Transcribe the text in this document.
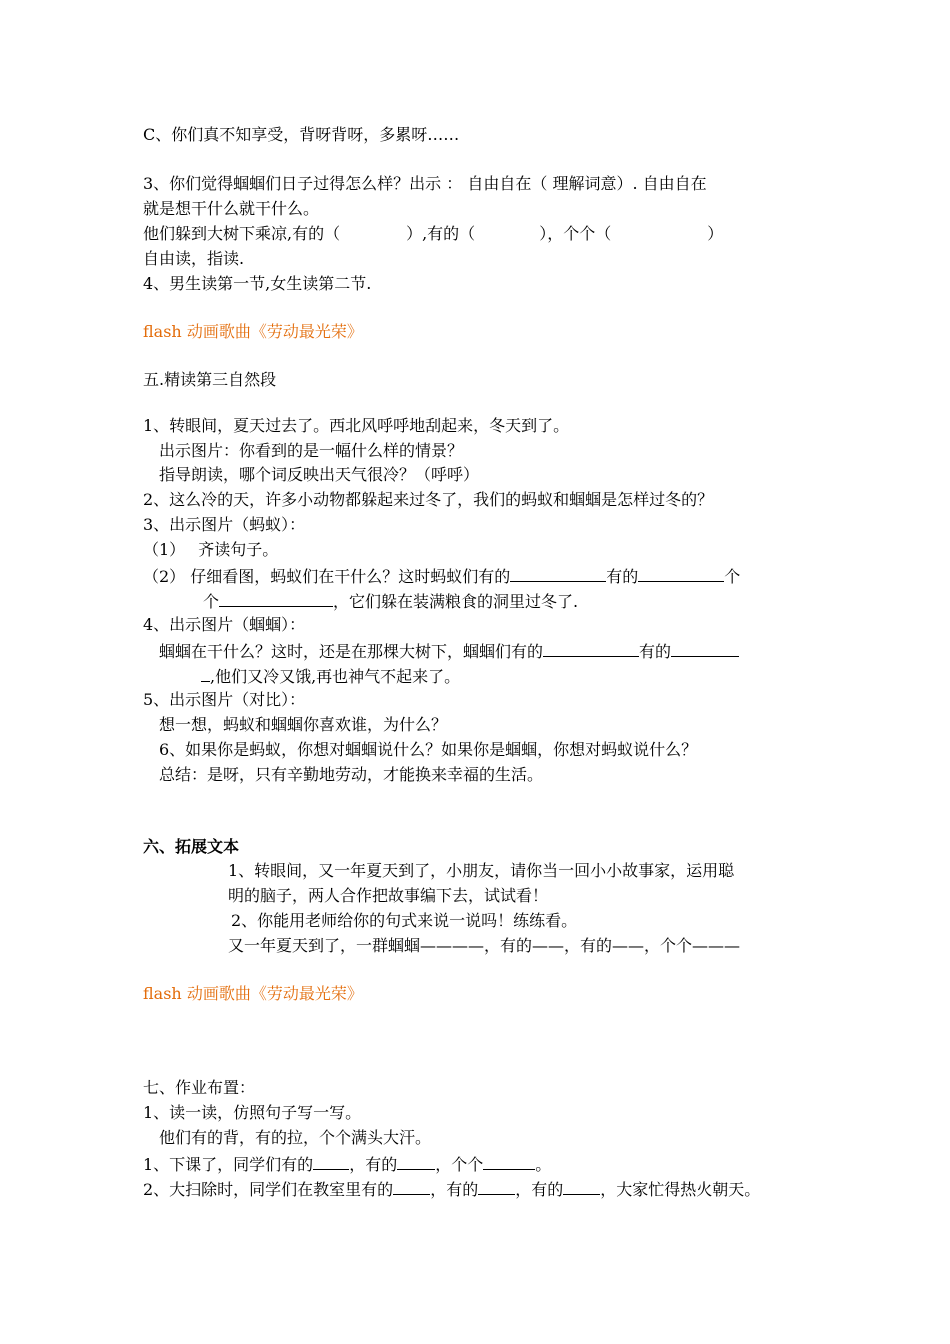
C、你们真不知享受，背呀背呀，多累呀……
3、你们觉得蝈蝈们日子过得怎么样？出示 ： 自由自在（ 理解词意）. 自由自在
就是想干什么就干什么。
他们躲到大树下乘凉,有的（	）,有的（	），个个（	）
自由读，指读.
4、男生读第一节,女生读第二节.
flash 动画歌曲《劳动最光荣》
五.精读第三自然段
1、转眼间，夏天过去了。西北风呼呼地刮起来，冬天到了。
出示图片：你看到的是一幅什么样的情景？
指导朗读，哪个词反映出天气很冷？（呼呼）
2、这么冷的天，许多小动物都躲起来过冬了，我们的蚂蚁和蝈蝈是怎样过冬的？
3、出示图片（蚂蚁）：
（1）　 齐读句子。
（2） 仔细看图，蚂蚁们在干什么？这时蚂蚁们有的	有的	个
个	，它们躲在装满粮食的洞里过冬了.
4、出示图片（蝈蝈）：
蝈蝈在干什么？这时，还是在那棵大树下，蝈蝈们有的	有的
,他们又冷又饿,再也神气不起来了。
5、出示图片（对比）：
想一想，蚂蚁和蝈蝈你喜欢谁，为什么？
6、如果你是蚂蚁，你想对蝈蝈说什么？如果你是蝈蝈，你想对蚂蚁说什么？
总结：是呀，只有辛勤地劳动，才能换来幸福的生活。
六、拓展文本
1、转眼间，又一年夏天到了，小朋友，请你当一回小小故事家，运用聪
明的脑子，两人合作把故事编下去，试试看！
2、你能用老师给你的句式来说一说吗！练练看。
又一年夏天到了，一群蝈蝈————，有的——，有的——，个个———
flash 动画歌曲《劳动最光荣》
七、作业布置：
1、读一读，仿照句子写一写。
他们有的背，有的拉，个个满头大汗。
1、下课了，同学们有的 ，有的 ，个个	。
2、大扫除时，同学们在教室里有的 ，有的 ，有的 ，大家忙得热火朝天。
